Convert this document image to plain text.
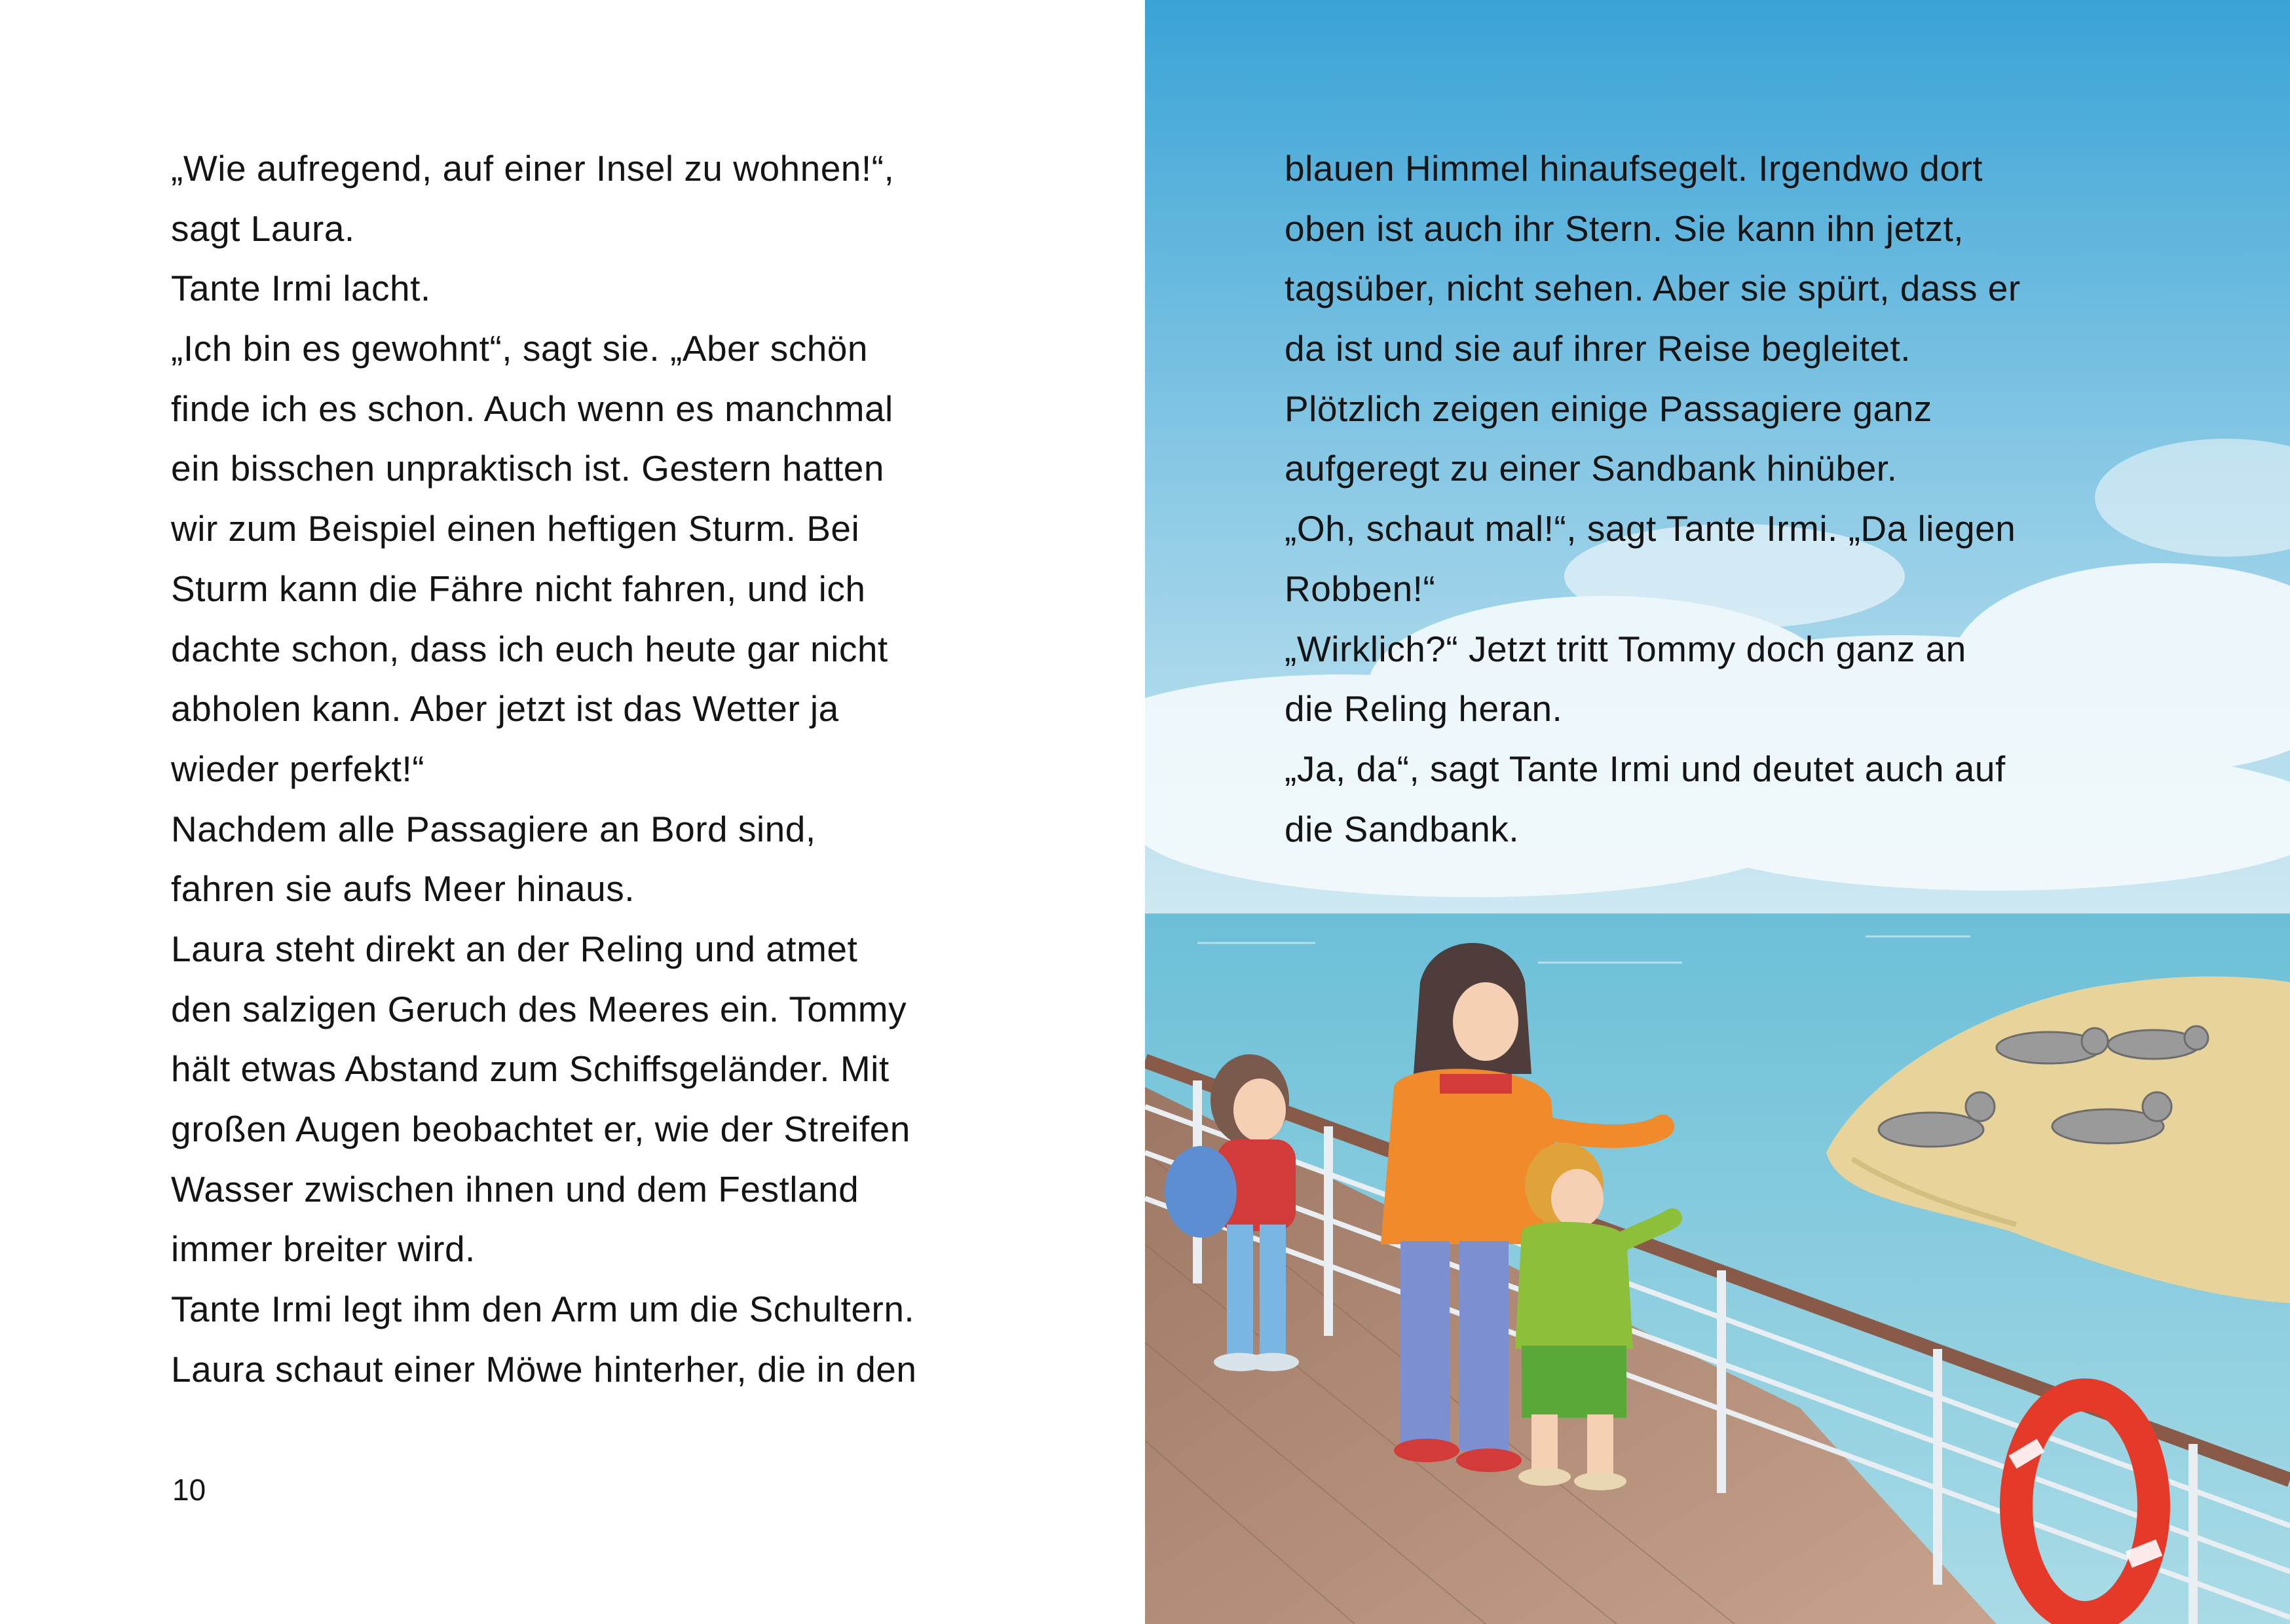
„Wie aufregend, auf einer Insel zu wohnen!“,
sagt Laura.
Tante Irmi lacht.
„Ich bin es gewohnt“, sagt sie. „Aber schön
finde ich es schon. Auch wenn es manchmal
ein bisschen unpraktisch ist. Gestern hatten
wir zum Beispiel einen heftigen Sturm. Bei
Sturm kann die Fähre nicht fahren, und ich
dachte schon, dass ich euch heute gar nicht
abholen kann. Aber jetzt ist das Wetter ja
wieder perfekt!“
Nachdem alle Passagiere an Bord sind,
fahren sie aufs Meer hinaus.
Laura steht direkt an der Reling und atmet
den salzigen Geruch des Meeres ein. Tommy
hält etwas Abstand zum Schiffsgeländer. Mit
großen Augen beobachtet er, wie der Streifen
Wasser zwischen ihnen und dem Festland
immer breiter wird.
Tante Irmi legt ihm den Arm um die Schultern.
Laura schaut einer Möwe hinterher, die in den
10
blauen Himmel hinaufsegelt. Irgendwo dort
oben ist auch ihr Stern. Sie kann ihn jetzt,
tagsüber, nicht sehen. Aber sie spürt, dass er
da ist und sie auf ihrer Reise begleitet.
Plötzlich zeigen einige Passagiere ganz
aufgeregt zu einer Sandbank hinüber.
„Oh, schaut mal!“, sagt Tante Irmi. „Da liegen
Robben!“
„Wirklich?“ Jetzt tritt Tommy doch ganz an
die Reling heran.
„Ja, da“, sagt Tante Irmi und deutet auch auf
die Sandbank.
